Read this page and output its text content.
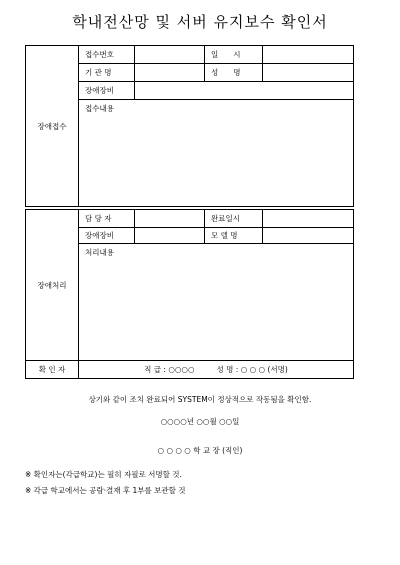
학내전산망 및 서버 유지보수 확인서
장애접수	접수번호		일　　시	
	기 관 명		성　　명	
	장애장비			
	접수내용			
장애처리	담 당 자		완료일시	
	장애장비		모 델 명	
	처리내용			
확 인 자	직 급 : ○○○○ 성 명 : ○ ○ ○ (서명)			
상기와 같이 조치 완료되어 SYSTEM이 정상적으로 작동됨을 확인함.
○○○○년 ○○월 ○○일
○ ○ ○ ○ 학 교 장 (직인)
※ 확인자는(각급학교)는 필히 자필로 서명할 것.
※ 각급 학교에서는 공람·결재 후 1부를 보관할 것
